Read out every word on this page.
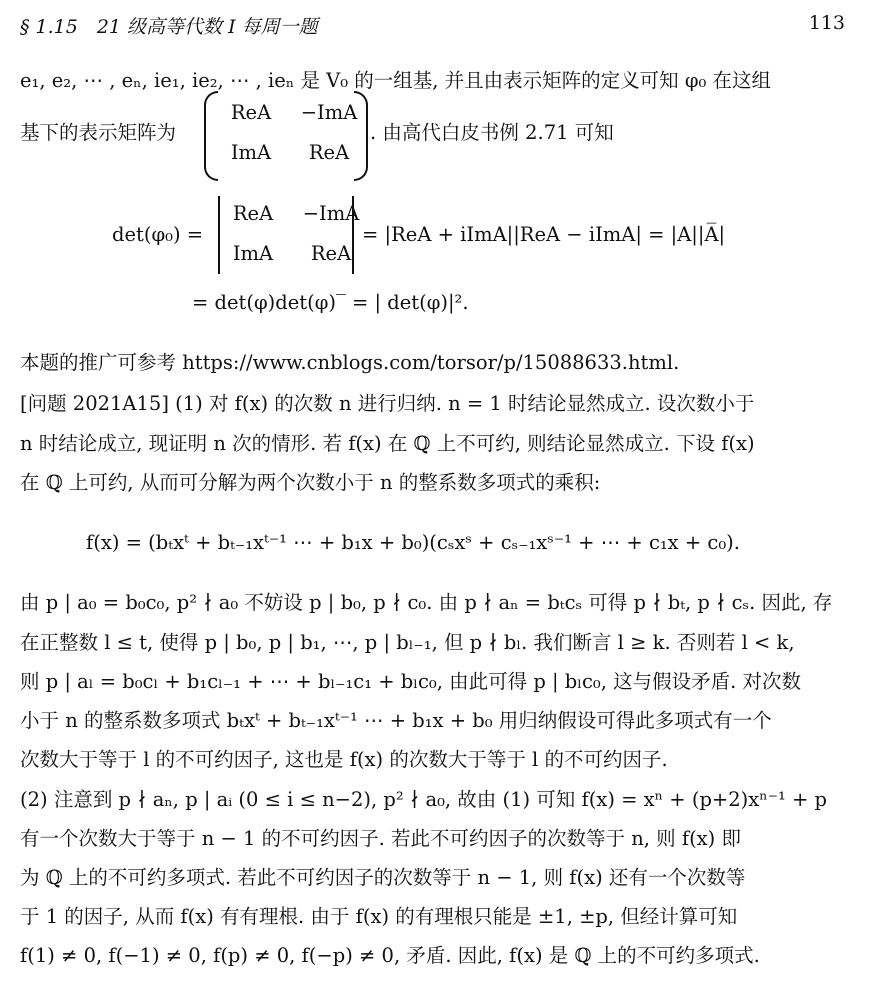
§ 1.15　21 级高等代数 I 每周一题	113
e₁, e₂, ⋯ , eₙ, ie₁, ie₂, ⋯ , ieₙ 是 V₀ 的一组基, 并且由表示矩阵的定义可知 φ₀ 在这组
基下的表示矩阵为
ReA −ImA
ImA ReA
. 由高代白皮书例 2.71 可知
det(φ₀) =
ReA −ImA
ImA ReA
= |ReA + iImA||ReA − iImA| = |A||A̅|
= det(φ)det(φ)‾ = | det(φ)|².
本题的推广可参考 https://www.cnblogs.com/torsor/p/15088633.html.
[问题 2021A15] (1) 对 f(x) 的次数 n 进行归纳. n = 1 时结论显然成立. 设次数小于
n 时结论成立, 现证明 n 次的情形. 若 f(x) 在 ℚ 上不可约, 则结论显然成立. 下设 f(x)
在 ℚ 上可约, 从而可分解为两个次数小于 n 的整系数多项式的乘积:
f(x) = (bₜxᵗ + bₜ₋₁xᵗ⁻¹ ⋯ + b₁x + b₀)(cₛxˢ + cₛ₋₁xˢ⁻¹ + ⋯ + c₁x + c₀).
由 p | a₀ = b₀c₀, p² ∤ a₀ 不妨设 p | b₀, p ∤ c₀. 由 p ∤ aₙ = bₜcₛ 可得 p ∤ bₜ, p ∤ cₛ. 因此, 存
在正整数 l ≤ t, 使得 p | b₀, p | b₁, ⋯, p | bₗ₋₁, 但 p ∤ bₗ. 我们断言 l ≥ k. 否则若 l < k,
则 p | aₗ = b₀cₗ + b₁cₗ₋₁ + ⋯ + bₗ₋₁c₁ + bₗc₀, 由此可得 p | bₗc₀, 这与假设矛盾. 对次数
小于 n 的整系数多项式 bₜxᵗ + bₜ₋₁xᵗ⁻¹ ⋯ + b₁x + b₀ 用归纳假设可得此多项式有一个
次数大于等于 l 的不可约因子, 这也是 f(x) 的次数大于等于 l 的不可约因子.
(2) 注意到 p ∤ aₙ, p | aᵢ (0 ≤ i ≤ n−2), p² ∤ a₀, 故由 (1) 可知 f(x) = xⁿ + (p+2)xⁿ⁻¹ + p
有一个次数大于等于 n − 1 的不可约因子. 若此不可约因子的次数等于 n, 则 f(x) 即
为 ℚ 上的不可约多项式. 若此不可约因子的次数等于 n − 1, 则 f(x) 还有一个次数等
于 1 的因子, 从而 f(x) 有有理根. 由于 f(x) 的有理根只能是 ±1, ±p, 但经计算可知
f(1) ≠ 0, f(−1) ≠ 0, f(p) ≠ 0, f(−p) ≠ 0, 矛盾. 因此, f(x) 是 ℚ 上的不可约多项式.
